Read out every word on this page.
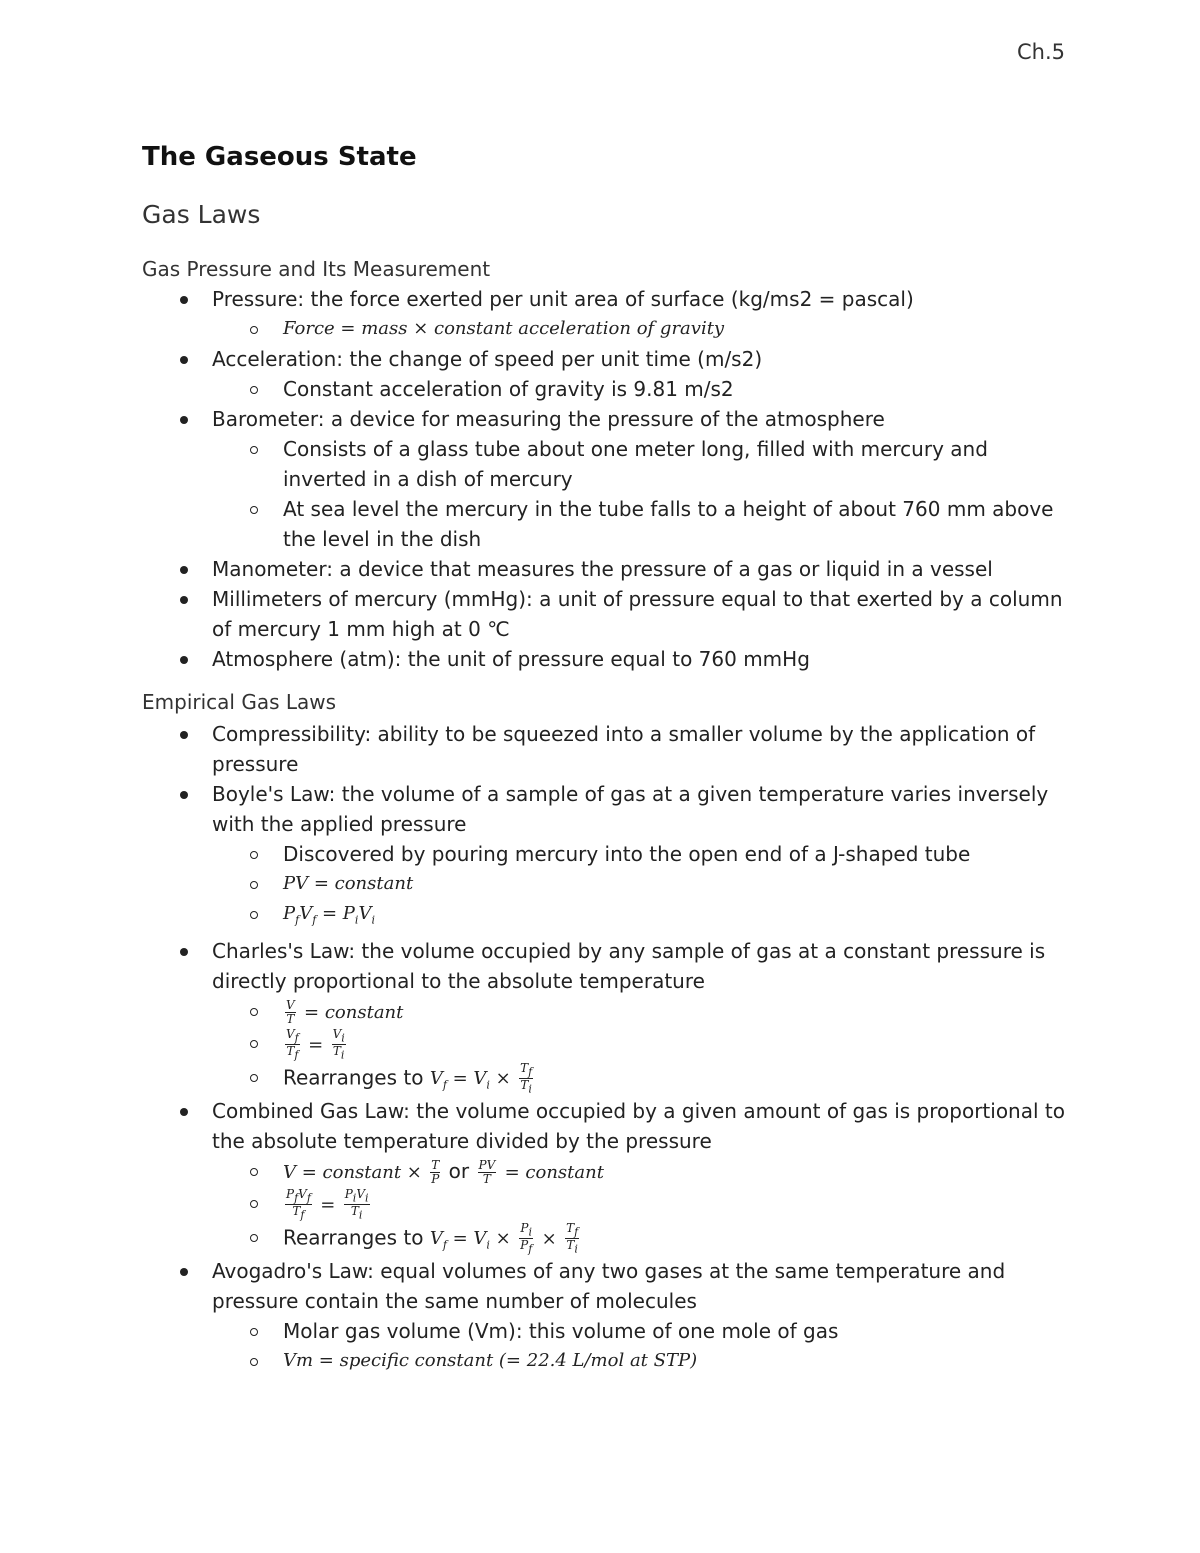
Ch.5
The Gaseous State
Gas Laws
Gas Pressure and Its Measurement
Pressure: the force exerted per unit area of surface (kg/ms2 = pascal)
Force = mass × constant acceleration of gravity
Acceleration: the change of speed per unit time (m/s2)
Constant acceleration of gravity is 9.81 m/s2
Barometer: a device for measuring the pressure of the atmosphere
Consists of a glass tube about one meter long, filled with mercury and inverted in a dish of mercury
At sea level the mercury in the tube falls to a height of about 760 mm above the level in the dish
Manometer: a device that measures the pressure of a gas or liquid in a vessel
Millimeters of mercury (mmHg): a unit of pressure equal to that exerted by a column of mercury 1 mm high at 0 ℃
Atmosphere (atm): the unit of pressure equal to 760 mmHg
Empirical Gas Laws
Compressibility: ability to be squeezed into a smaller volume by the application of pressure
Boyle's Law: the volume of a sample of gas at a given temperature varies inversely with the applied pressure
Discovered by pouring mercury into the open end of a J-shaped tube
PV = constant
$P_fV_f = P_iV_i$
Charles's Law: the volume occupied by any sample of gas at a constant pressure is directly proportional to the absolute temperature
$\frac{V}{T}$ = constant
$\frac{V_f}{T_f} = \frac{V_i}{T_i}$
Rearranges to $V_f = V_i \times \frac{T_f}{T_i}$
Combined Gas Law: the volume occupied by a given amount of gas is proportional to the absolute temperature divided by the pressure
V = constant × $\frac{T}{P}$ or $\frac{PV}{T}$ = constant
$P_fV_f$
$T_f$ =
$P_iV_i$
$T_i$
Rearranges to $V_f = V_i \times \frac{P_i}{P_f} \times \frac{T_f}{T_i}$
Avogadro's Law: equal volumes of any two gases at the same temperature and pressure contain the same number of molecules
Molar gas volume (Vm): this volume of one mole of gas
Vm = specific constant (= 22.4 L/mol at STP)
